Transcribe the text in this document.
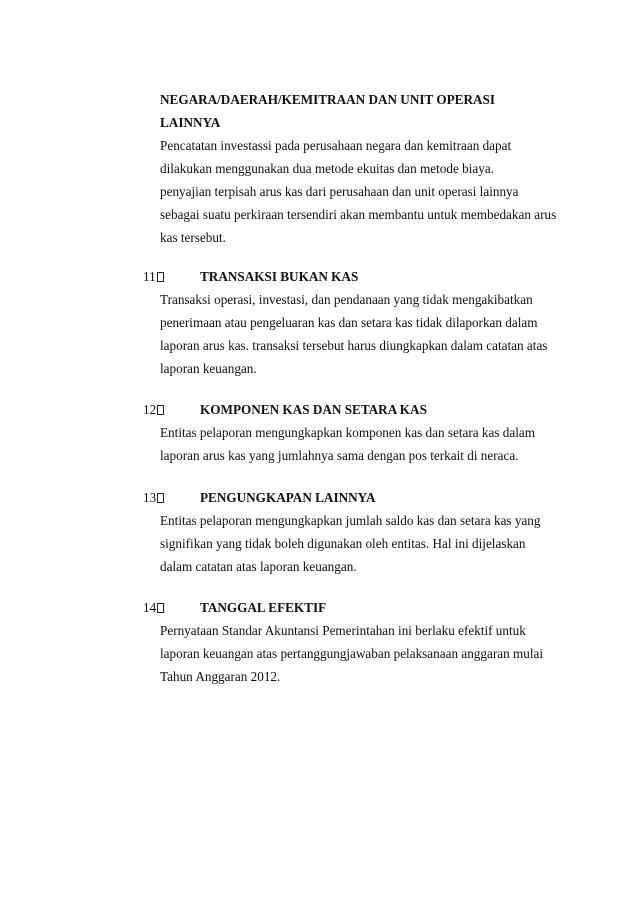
NEGARA/DAERAH/KEMITRAAN DAN UNIT OPERASI
LAINNYA
Pencatatan investassi pada perusahaan negara dan kemitraan dapat
dilakukan menggunakan dua metode ekuitas dan metode biaya.
penyajian terpisah arus kas dari perusahaan dan unit operasi lainnya
sebagai suatu perkiraan tersendiri akan membantu untuk membedakan arus
kas tersebut.
11	TRANSAKSI BUKAN KAS
Transaksi operasi, investasi, dan pendanaan yang tidak mengakibatkan
penerimaan atau pengeluaran kas dan setara kas tidak dilaporkan dalam
laporan arus kas. transaksi tersebut harus diungkapkan dalam catatan atas
laporan keuangan.
12	KOMPONEN KAS DAN SETARA KAS
Entitas pelaporan mengungkapkan komponen kas dan setara kas dalam
laporan arus kas yang jumlahnya sama dengan pos terkait di neraca.
13	PENGUNGKAPAN LAINNYA
Entitas pelaporan mengungkapkan jumlah saldo kas dan setara kas yang
signifikan yang tidak boleh digunakan oleh entitas. Hal ini dijelaskan
dalam catatan atas laporan keuangan.
14	TANGGAL EFEKTIF
Pernyataan Standar Akuntansi Pemerintahan ini berlaku efektif untuk
laporan keuangan atas pertanggungjawaban pelaksanaan anggaran mulai
Tahun Anggaran 2012.
